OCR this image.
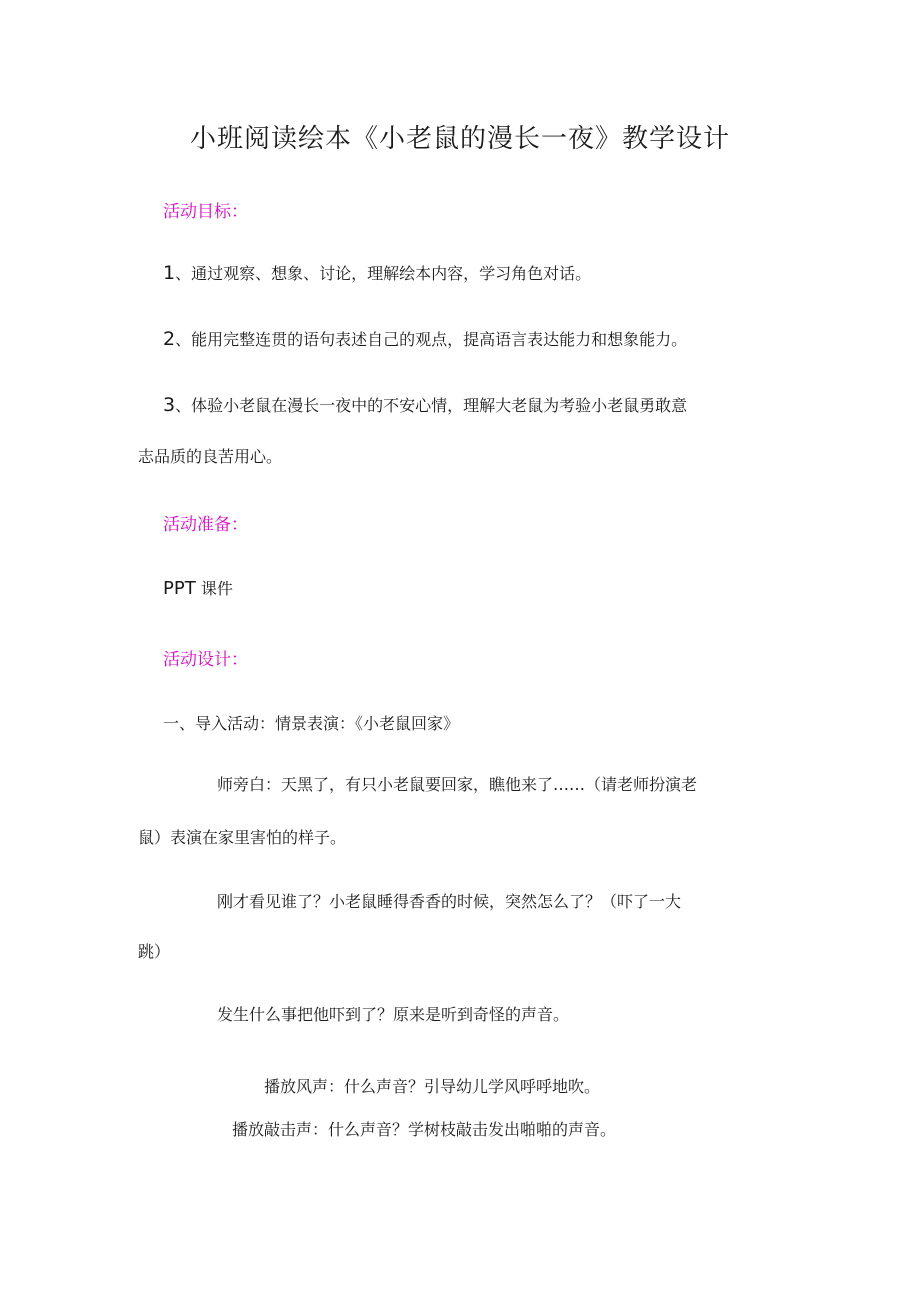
小班阅读绘本《小老鼠的漫长一夜》教学设计
活动目标：
1、通过观察、想象、讨论，理解绘本内容，学习角色对话。
2、能用完整连贯的语句表述自己的观点，提高语言表达能力和想象能力。
3、体验小老鼠在漫长一夜中的不安心情，理解大老鼠为考验小老鼠勇敢意
志品质的良苦用心。
活动准备：
PPT 课件
活动设计：
一、导入活动：情景表演：《小老鼠回家》
师旁白：天黑了，有只小老鼠要回家，瞧他来了……（请老师扮演老
鼠）表演在家里害怕的样子。
刚才看见谁了？小老鼠睡得香香的时候，突然怎么了？（吓了一大
跳）
发生什么事把他吓到了？原来是听到奇怪的声音。
播放风声：什么声音？引导幼儿学风呼呼地吹。
播放敲击声：什么声音？学树枝敲击发出啪啪的声音。
